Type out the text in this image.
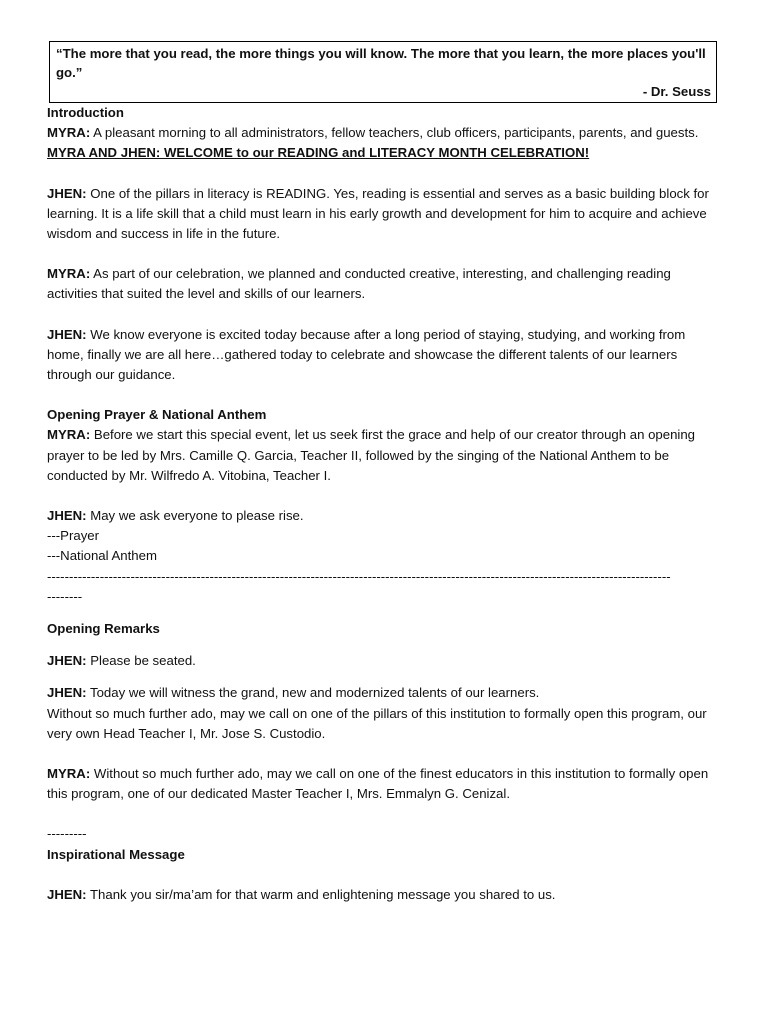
“The more that you read, the more things you will know. The more that you learn, the more places you'll go.”
- Dr. Seuss

Introduction

MYRA: A pleasant morning to all administrators, fellow teachers, club officers, participants, parents, and guests.

MYRA AND JHEN: WELCOME to our READING and LITERACY MONTH CELEBRATION!

JHEN: One of the pillars in literacy is READING. Yes, reading is essential and serves as a basic building block for learning. It is a life skill that a child must learn in his early growth and development for him to acquire and achieve wisdom and success in life in the future.

MYRA: As part of our celebration, we planned and conducted creative, interesting, and challenging reading activities that suited the level and skills of our learners.

JHEN: We know everyone is excited today because after a long period of staying, studying, and working from home, finally we are all here…gathered today to celebrate and showcase the different talents of our learners through our guidance.

Opening Prayer & National Anthem

MYRA: Before we start this special event, let us seek first the grace and help of our creator through an opening prayer to be led by Mrs. Camille Q. Garcia, Teacher II, followed by the singing of the National Anthem to be conducted by Mr. Wilfredo A. Vitobina, Teacher I.

JHEN: May we ask everyone to please rise.

---Prayer

---National Anthem

----------------------------------------------------------------------------------------------------------------------------------------------

--------

Opening Remarks

JHEN: Please be seated.

JHEN: Today we will witness the grand, new and modernized talents of our learners.

Without so much further ado, may we call on one of the pillars of this institution to formally open this program, our very own Head Teacher I, Mr. Jose S. Custodio.

MYRA: Without so much further ado, may we call on one of the finest educators in this institution to formally open this program, one of our dedicated Master Teacher I, Mrs. Emmalyn G. Cenizal.

---------

Inspirational Message

JHEN: Thank you sir/ma’am for that warm and enlightening message you shared to us.
